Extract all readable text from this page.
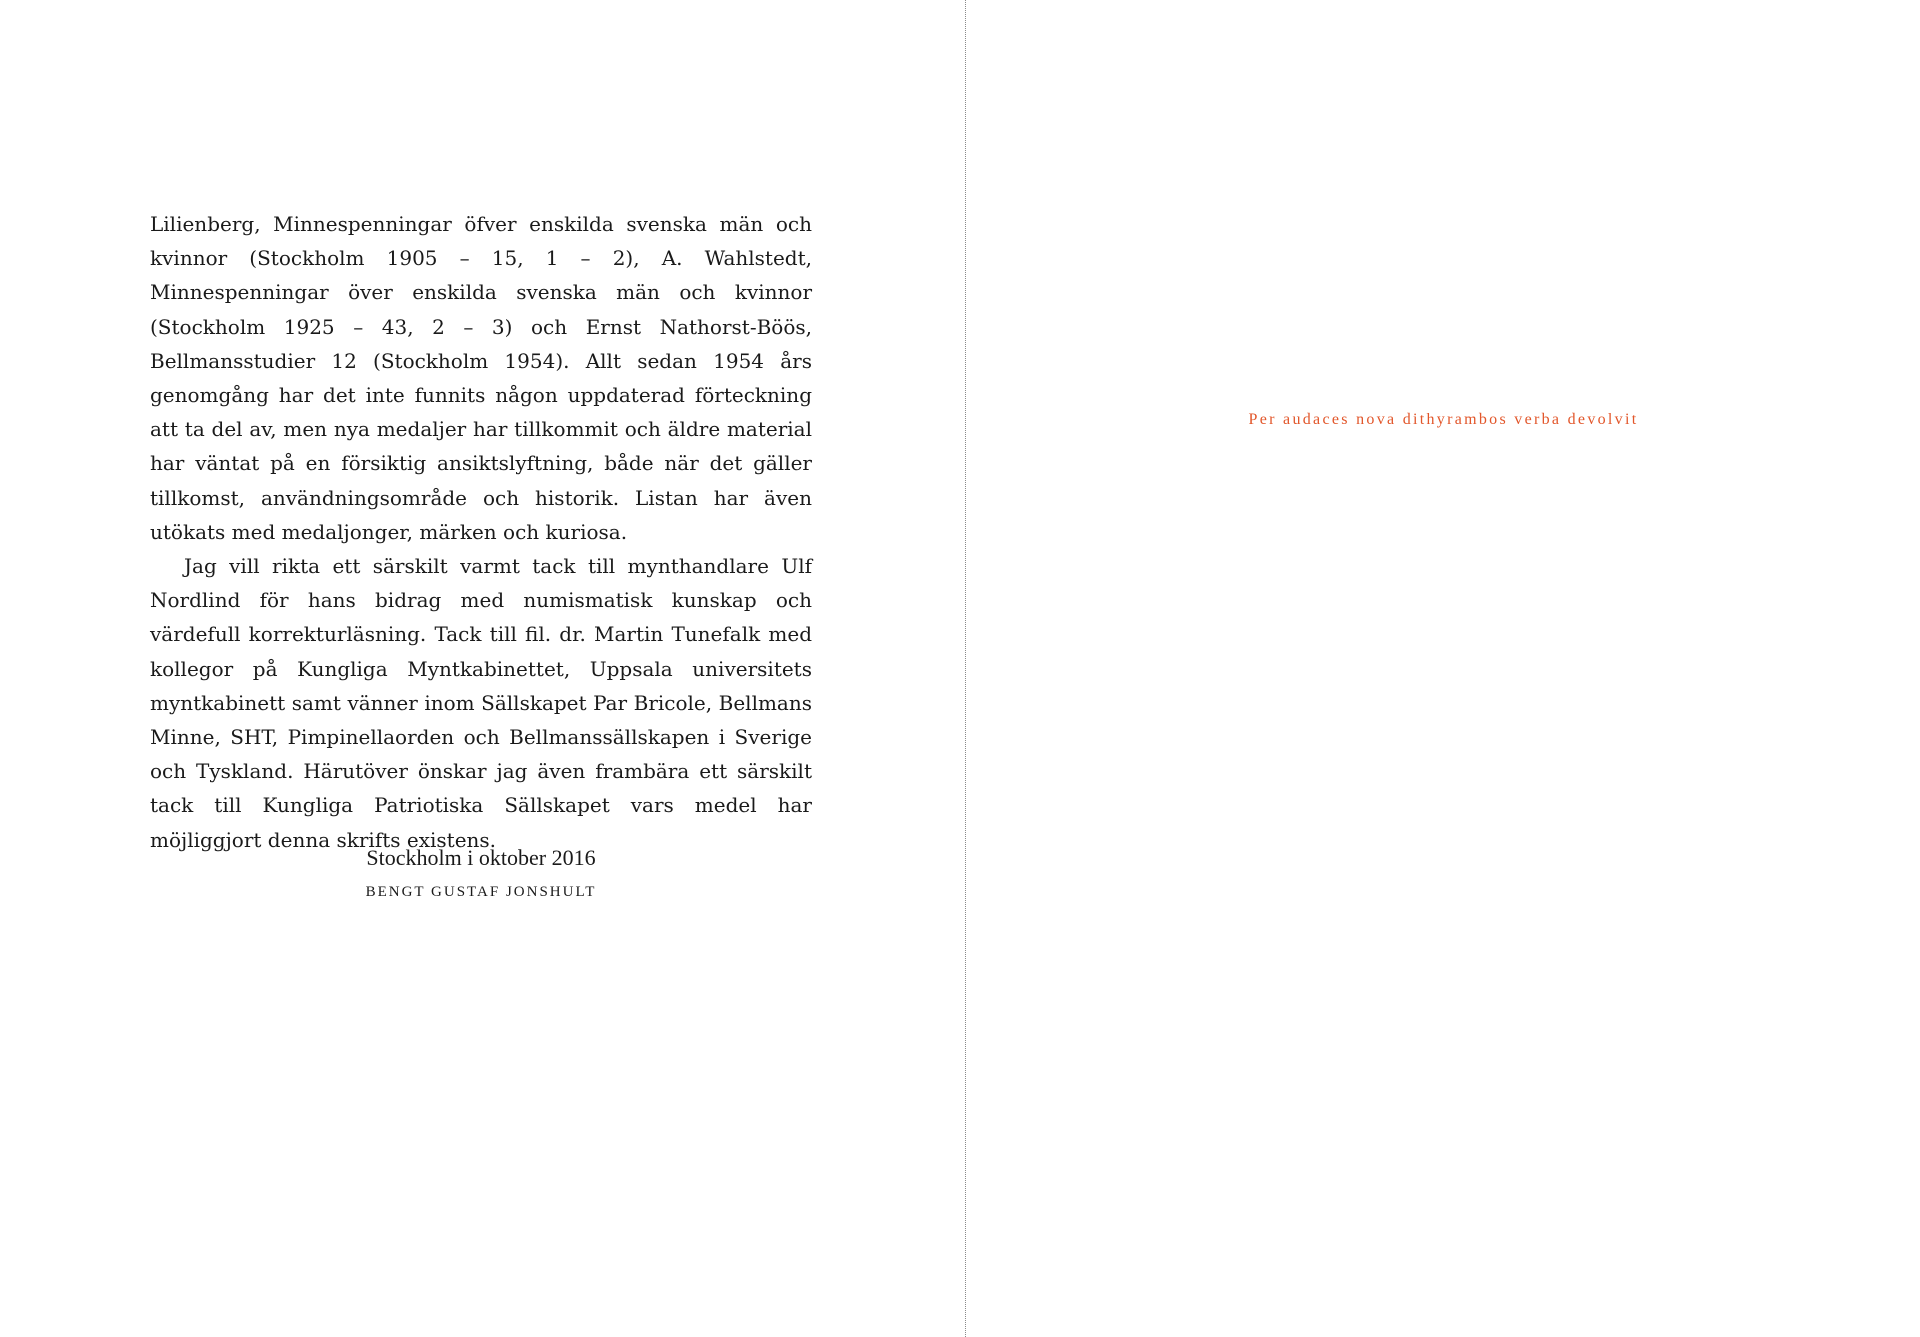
Lilienberg, Minnespenningar öfver enskilda svenska män och kvinnor (Stockholm 1905 – 15, 1 – 2), A. Wahlstedt, Minnespenningar över enskilda svenska män och kvinnor (Stockholm 1925 – 43, 2 – 3) och Ernst Nathorst-Böös, Bellmansstudier 12 (Stockholm 1954). Allt sedan 1954 års genomgång har det inte funnits någon uppdaterad förteckning att ta del av, men nya medaljer har tillkommit och äldre material har väntat på en försiktig ansiktslyftning, både när det gäller tillkomst, användningsområde och historik. Listan har även utökats med medaljonger, märken och kuriosa.

Jag vill rikta ett särskilt varmt tack till mynthandlare Ulf Nordlind för hans bidrag med numismatisk kunskap och värdefull korrekturläsning. Tack till fil. dr. Martin Tunefalk med kollegor på Kungliga Myntkabinettet, Uppsala universitets myntkabinett samt vänner inom Sällskapet Par Bricole, Bellmans Minne, SHT, Pimpinellaorden och Bellmanssällskapen i Sverige och Tyskland. Härutöver önskar jag även frambära ett särskilt tack till Kungliga Patriotiska Sällskapet vars medel har möjliggjort denna skrifts existens.

Stockholm i oktober 2016
BENGT GUSTAF JONSHULT
Per audaces nova dithyrambos verba devolvit
